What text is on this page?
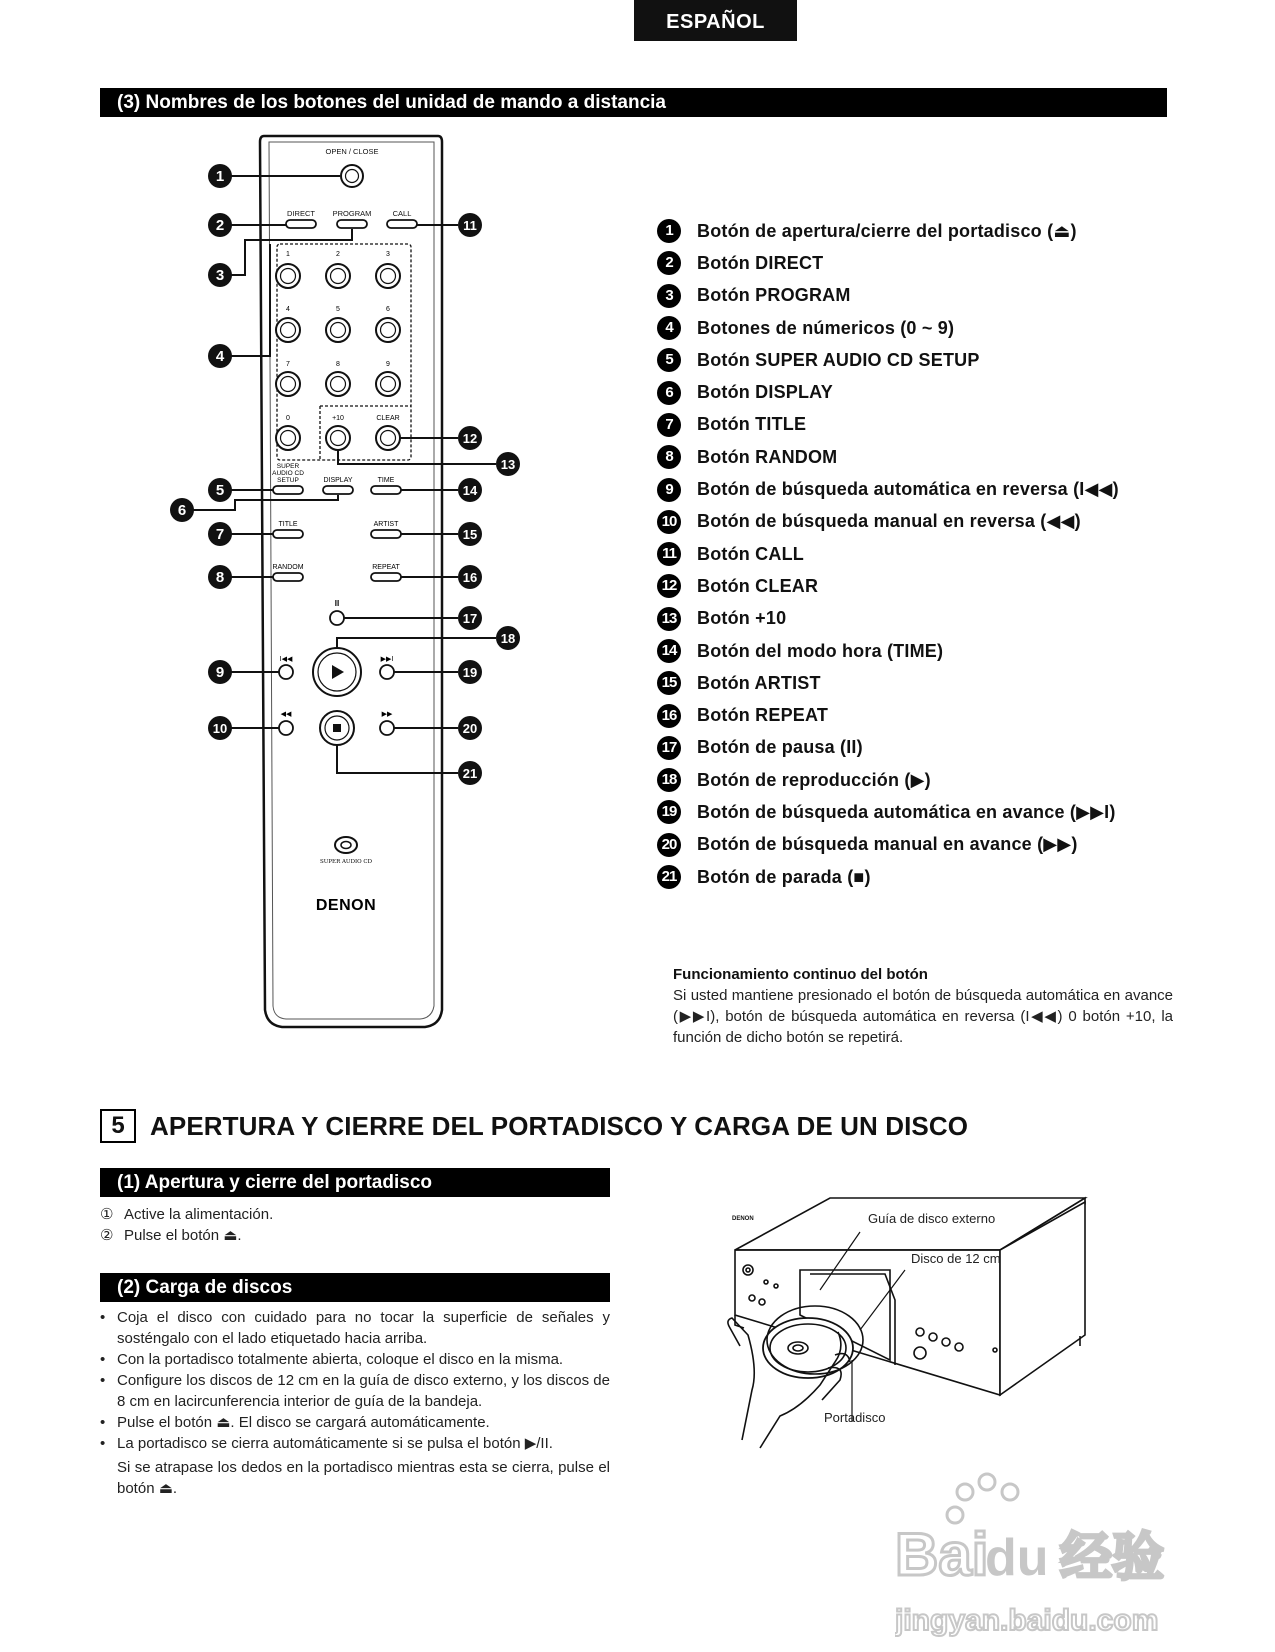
ESPAÑOL
(3) Nombres de los botones del unidad de mando a distancia
OPEN / CLOSE
DIRECT PROGRAM	CALL
1	2	3
4	5	6
7	8	9
0	+10	CLEAR
SUPER
AUDIO CD
SETUP	DISPLAY	TIME
TITLE	ARTIST
RANDOM	REPEAT
II
I◀◀	▶▶I
◀◀	▶▶
SUPER AUDIO CD
DENON
1
2
3
4
5
6
7
8
9
10
11
12
13
14
15
16
17
18
19
20
21
1	Botón de apertura/cierre del portadisco (⏏)
2	Botón DIRECT
3	Botón PROGRAM
4	Botones de númericos (0 ~ 9)
5	Botón SUPER AUDIO CD SETUP
6	Botón DISPLAY
7	Botón TITLE
8	Botón RANDOM
9	Botón de búsqueda automática en reversa (I◀◀)
10 Botón de búsqueda manual en reversa (◀◀)
11 Botón CALL
12 Botón CLEAR
13 Botón +10
14 Botón del modo hora (TIME)
15 Botón ARTIST
16 Botón REPEAT
17 Botón de pausa (II)
18 Botón de reproducción (▶)
19 Botón de búsqueda automática en avance (▶▶I)
20 Botón de búsqueda manual en avance (▶▶)
21 Botón de parada (■)
Funcionamiento continuo del botón
Si usted mantiene presionado el botón de búsqueda automática en avance (▶▶I), botón de búsqueda automática en reversa (I◀◀) 0 botón +10, la función de dicho botón se repetirá.
5 APERTURA Y CIERRE DEL PORTADISCO Y CARGA DE UN DISCO
(1) Apertura y cierre del portadisco
① Active la alimentación.
② Pulse el botón ⏏.
(2) Carga de discos
• Coja el disco con cuidado para no tocar la superficie de señales y sosténgalo con el lado etiquetado hacia arriba.
• Con la portadisco totalmente abierta, coloque el disco en la misma.
• Configure los discos de 12 cm en la guía de disco externo, y los discos de 8 cm en lacircunferencia interior de guía de la bandeja.
• Pulse el botón ⏏. El disco se cargará automáticamente.
• La portadisco se cierra automáticamente si se pulsa el botón ▶/II.
Si se atrapase los dedos en la portadisco mientras esta se cierra, pulse el botón ⏏.
DENON	Guía de disco externo
Disco de 12 cm
Portadisco
Bai
du 经验
jingyan.baidu.com
